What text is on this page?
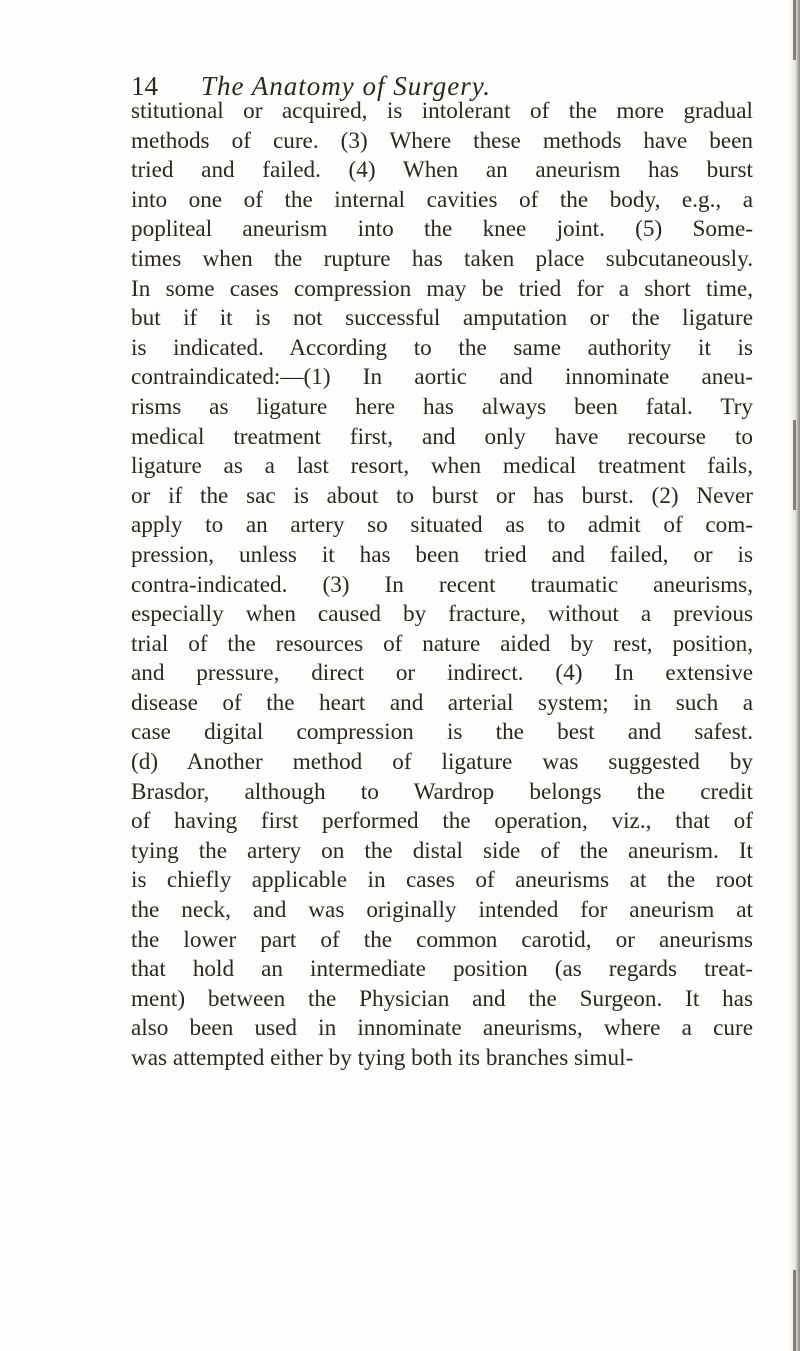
14 The Anatomy of Surgery.
stitutional or acquired, is intolerant of the more gradual
methods of cure. (3) Where these methods have been
tried and failed. (4) When an aneurism has burst
into one of the internal cavities of the body, e.g., a
popliteal aneurism into the knee joint. (5) Some-
times when the rupture has taken place subcutaneously.
In some cases compression may be tried for a short time,
but if it is not successful amputation or the ligature
is indicated. According to the same authority it is
contraindicated:—(1) In aortic and innominate aneu-
risms as ligature here has always been fatal. Try
medical treatment first, and only have recourse to
ligature as a last resort, when medical treatment fails,
or if the sac is about to burst or has burst. (2) Never
apply to an artery so situated as to admit of com-
pression, unless it has been tried and failed, or is
contra-indicated. (3) In recent traumatic aneurisms,
especially when caused by fracture, without a previous
trial of the resources of nature aided by rest, position,
and pressure, direct or indirect. (4) In extensive
disease of the heart and arterial system; in such a
case digital compression is the best and safest.
(d) Another method of ligature was suggested by
Brasdor, although to Wardrop belongs the credit
of having first performed the operation, viz., that of
tying the artery on the distal side of the aneurism. It
is chiefly applicable in cases of aneurisms at the root
the neck, and was originally intended for aneurism at
the lower part of the common carotid, or aneurisms
that hold an intermediate position (as regards treat-
ment) between the Physician and the Surgeon. It has
also been used in innominate aneurisms, where a cure
was attempted either by tying both its branches simul-
